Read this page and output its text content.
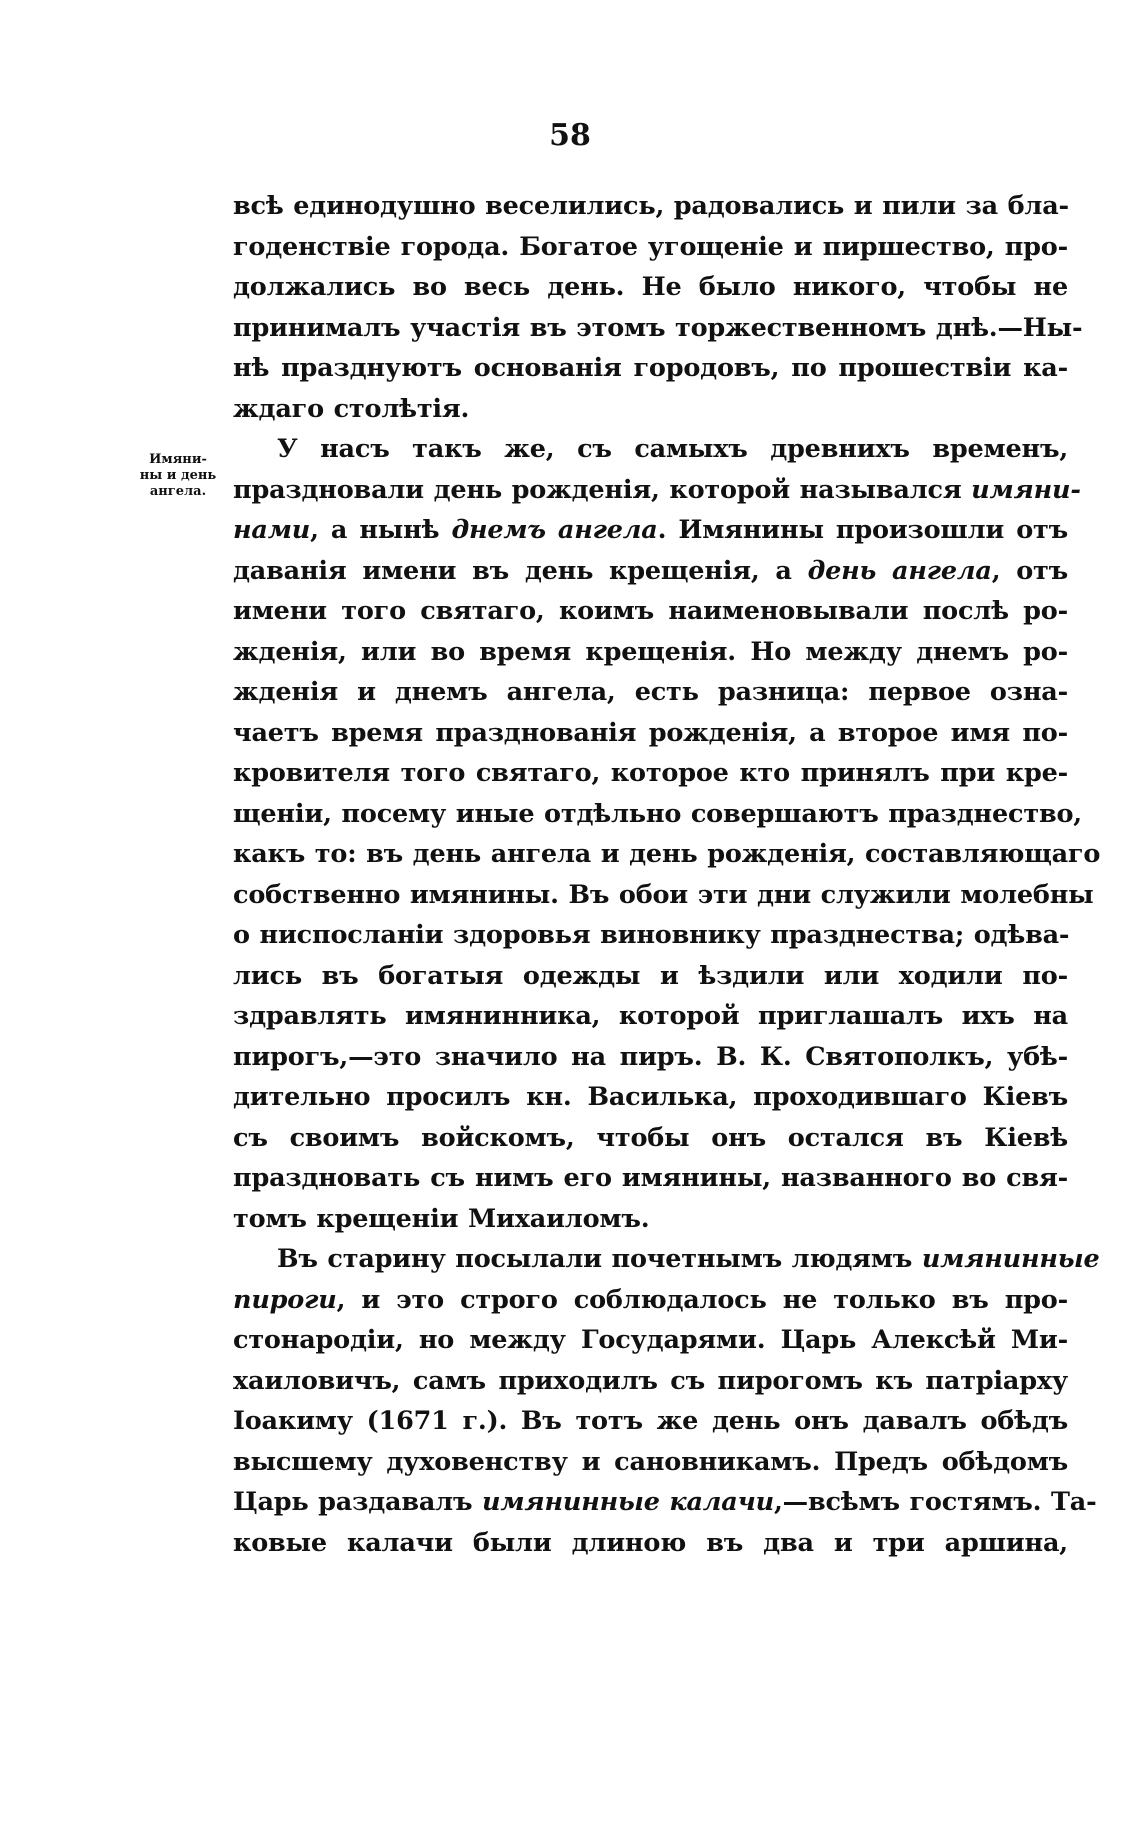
58
Имяни-
ны и день
ангела.
всѣ единодушно веселились, радовались и пили за бла-
годенствіе города. Богатое угощеніе и пиршество, про-
должались во весь день. Не было никого, чтобы не
принималъ участія въ этомъ торжественномъ днѣ.—Ны-
нѣ празднуютъ основанія городовъ, по прошествіи ка-
ждаго столѣтія.
У насъ такъ же, съ самыхъ древнихъ временъ,
праздновали день рожденія, которой назывался имяни-
нами, а нынѣ днемъ ангела. Имянины произошли отъ
даванія имени въ день крещенія, а день ангела, отъ
имени того святаго, коимъ наименовывали послѣ ро-
жденія, или во время крещенія. Но между днемъ ро-
жденія и днемъ ангела, есть разница: первое озна-
чаетъ время празднованія рожденія, а второе имя по-
кровителя того святаго, которое кто принялъ при кре-
щеніи, посему иные отдѣльно совершаютъ празднество,
какъ то: въ день ангела и день рожденія, составляющаго
собственно имянины. Въ обои эти дни служили молебны
о ниспосланіи здоровья виновнику празднества; одѣва-
лись въ богатыя одежды и ѣздили или ходили по-
здравлять имянинника, которой приглашалъ ихъ на
пирогъ,—это значило на пиръ. В. К. Святополкъ, убѣ-
дительно просилъ кн. Василька, проходившаго Кіевъ
съ своимъ войскомъ, чтобы онъ остался въ Кіевѣ
праздновать съ нимъ его имянины, названного во свя-
томъ крещеніи Михаиломъ.
Въ старину посылали почетнымъ людямъ имянинные
пироги, и это строго соблюдалось не только въ про-
стонародіи, но между Государями. Царь Алексѣй Ми-
хаиловичъ, самъ приходилъ съ пирогомъ къ патріарху
Іоакиму (1671 г.). Въ тотъ же день онъ давалъ обѣдъ
высшему духовенству и сановникамъ. Предъ обѣдомъ
Царь раздавалъ имянинные калачи,—всѣмъ гостямъ. Та-
ковые калачи были длиною въ два и три аршина,
